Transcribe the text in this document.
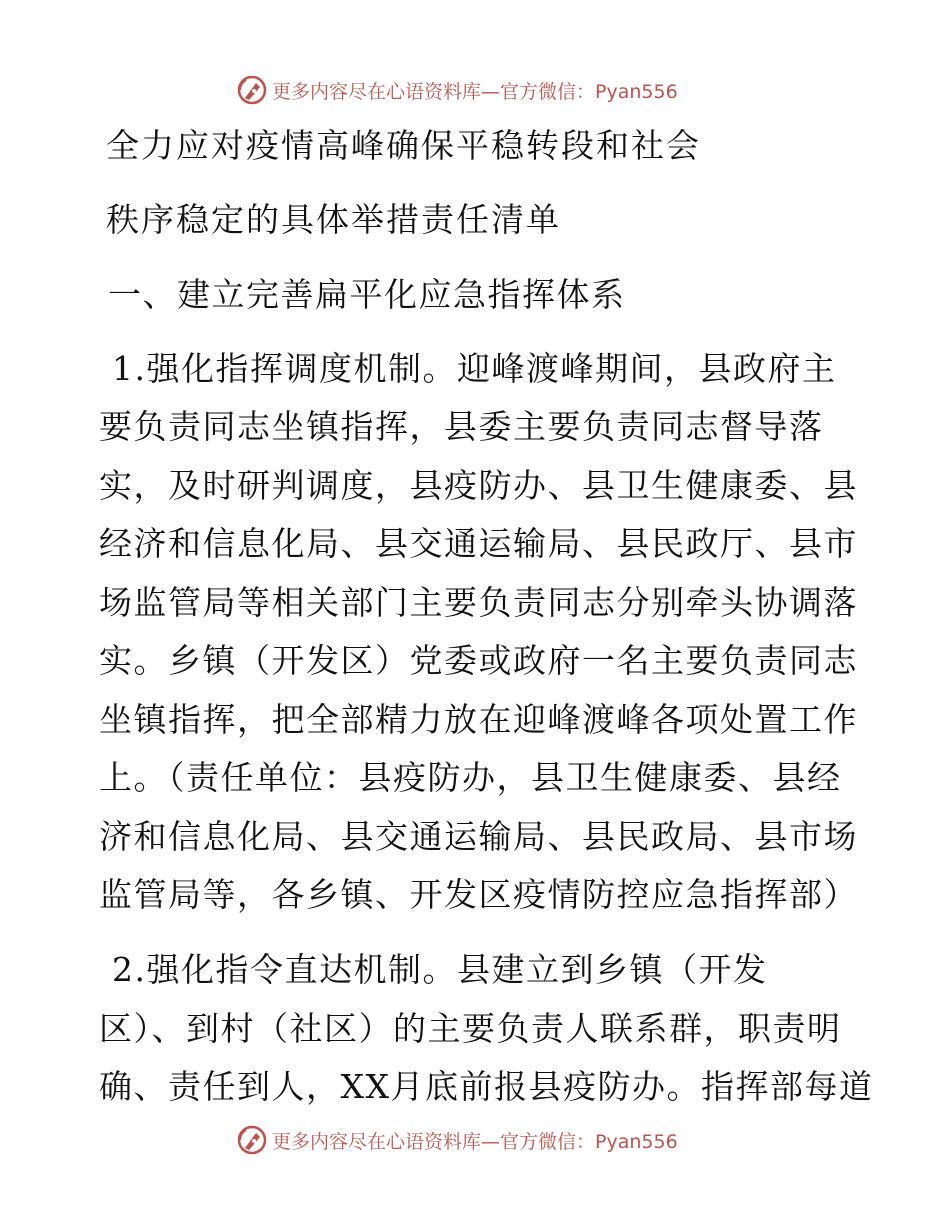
更多内容尽在心语资料库—官方微信：Pyan556
全力应对疫情高峰确保平稳转段和社会
秩序稳定的具体举措责任清单
一、建立完善扁平化应急指挥体系
1.强化指挥调度机制。迎峰渡峰期间，县政府主
要负责同志坐镇指挥，县委主要负责同志督导落
实，及时研判调度，县疫防办、县卫生健康委、县
经济和信息化局、县交通运输局、县民政厅、县市
场监管局等相关部门主要负责同志分别牵头协调落
实。乡镇（开发区）党委或政府一名主要负责同志
坐镇指挥，把全部精力放在迎峰渡峰各项处置工作
上。（责任单位：县疫防办，县卫生健康委、县经
济和信息化局、县交通运输局、县民政局、县市场
监管局等，各乡镇、开发区疫情防控应急指挥部）
2.强化指令直达机制。县建立到乡镇（开发
区）、到村（社区）的主要负责人联系群，职责明
确、责任到人，XX月底前报县疫防办。指挥部每道
更多内容尽在心语资料库—官方微信：Pyan556
